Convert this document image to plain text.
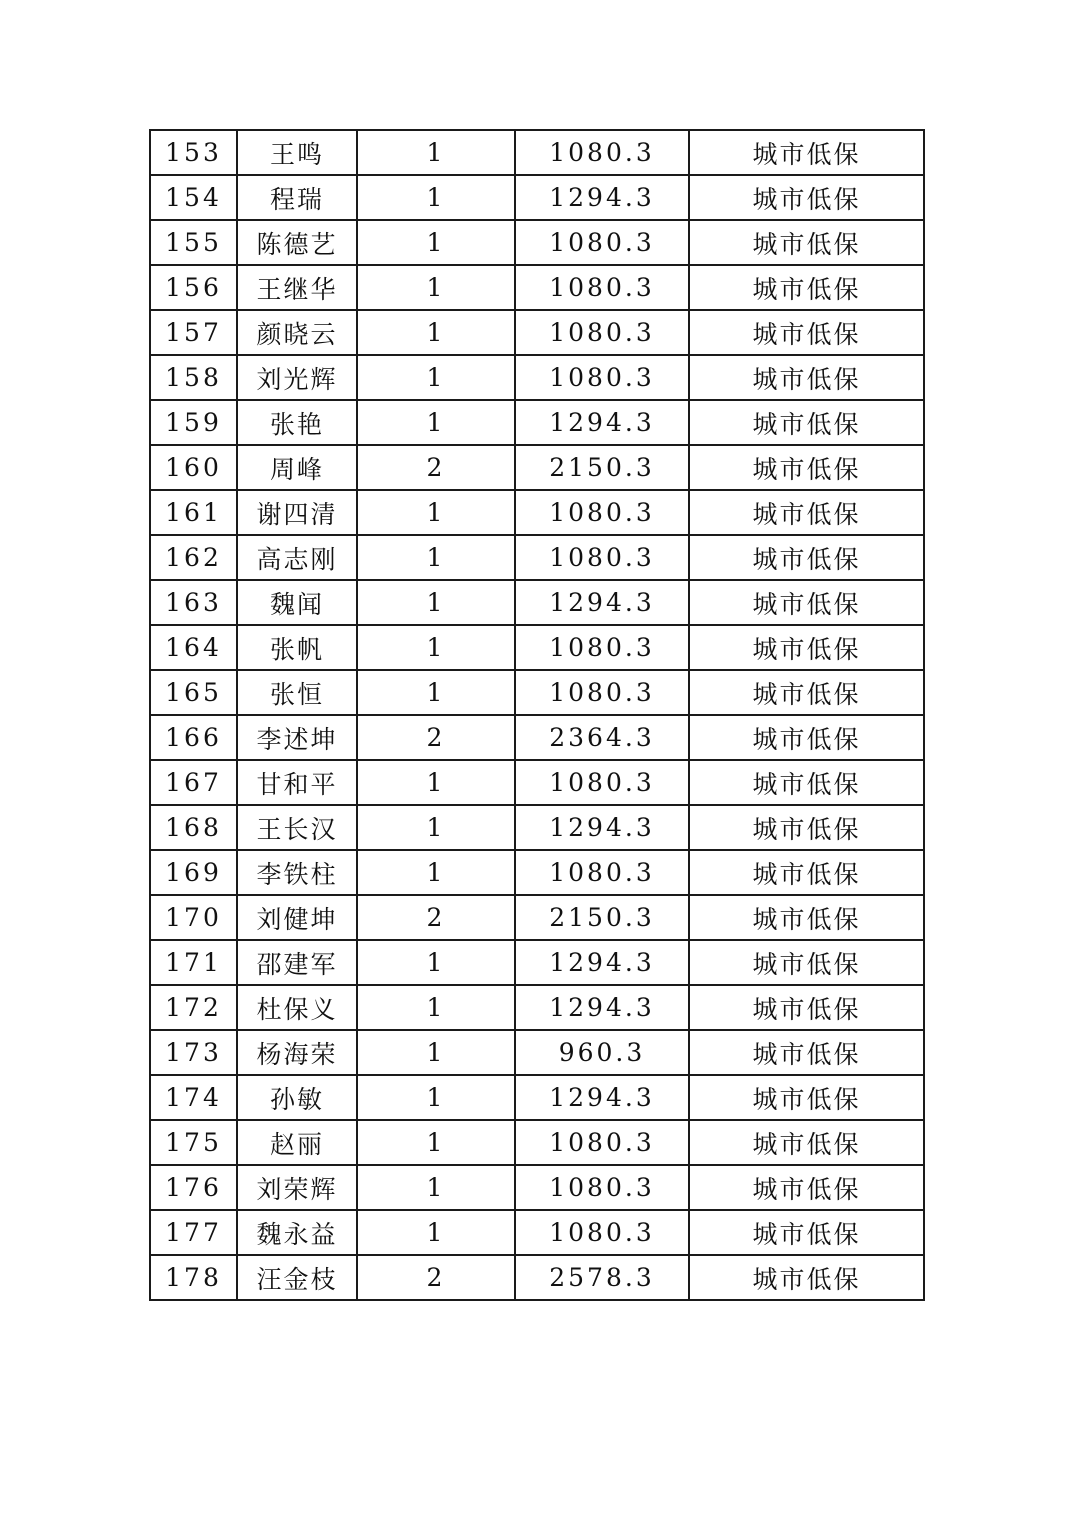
153	王鸣	1	1080.3	城市低保
154	程瑞	1	1294.3	城市低保
155	陈德艺	1	1080.3	城市低保
156	王继华	1	1080.3	城市低保
157	颜晓云	1	1080.3	城市低保
158	刘光辉	1	1080.3	城市低保
159	张艳	1	1294.3	城市低保
160	周峰	2	2150.3	城市低保
161	谢四清	1	1080.3	城市低保
162	高志刚	1	1080.3	城市低保
163	魏闻	1	1294.3	城市低保
164	张帆	1	1080.3	城市低保
165	张恒	1	1080.3	城市低保
166	李述坤	2	2364.3	城市低保
167	甘和平	1	1080.3	城市低保
168	王长汉	1	1294.3	城市低保
169	李铁柱	1	1080.3	城市低保
170	刘健坤	2	2150.3	城市低保
171	邵建军	1	1294.3	城市低保
172	杜保义	1	1294.3	城市低保
173	杨海荣	1	960.3	城市低保
174	孙敏	1	1294.3	城市低保
175	赵丽	1	1080.3	城市低保
176	刘荣辉	1	1080.3	城市低保
177	魏永益	1	1080.3	城市低保
178	汪金枝	2	2578.3	城市低保
